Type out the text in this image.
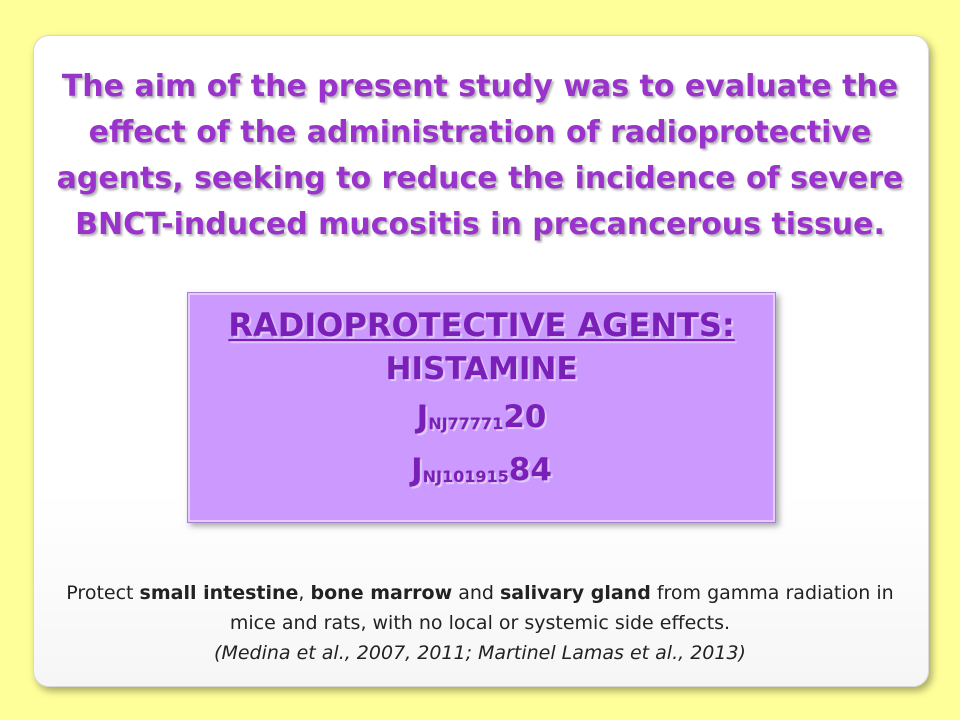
The aim of the present study was to evaluate the effect of the administration of radioprotective agents, seeking to reduce the incidence of severe BNCT-induced mucositis in precancerous tissue.

RADIOPROTECTIVE AGENTS:

HISTAMINE

JNJ7777120

JNJ10191584

Protect small intestine, bone marrow and salivary gland from gamma radiation in mice and rats, with no local or systemic side effects.
(Medina et al., 2007, 2011; Martinel Lamas et al., 2013)
